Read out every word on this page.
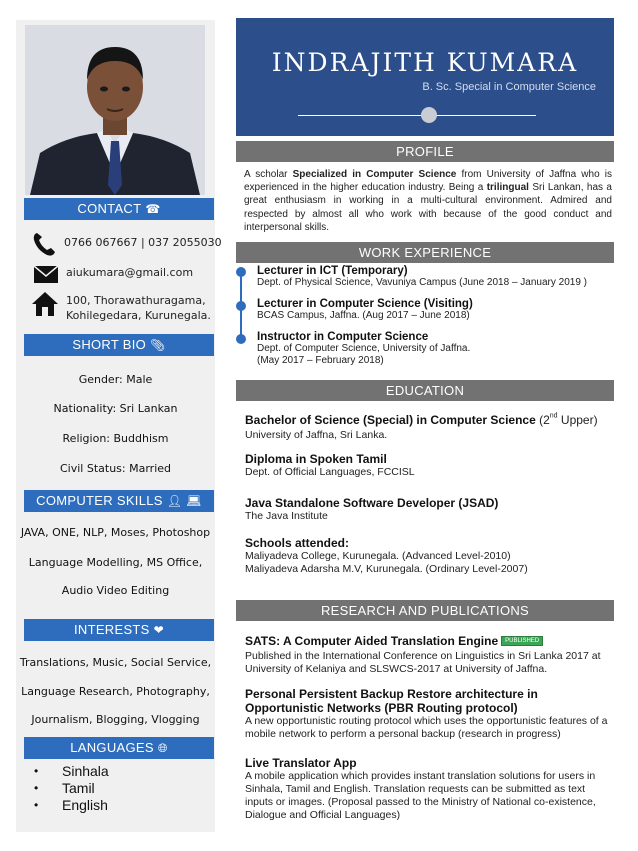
CONTACT ☎
0766 067667 | 037 2055030
aiukumara@gmail.com
100, Thorawathuragama,
Kohilegedara, Kurunegala.
SHORT BIO 📎︎
Gender: Male
Nationality: Sri Lankan
Religion: Buddhism
Civil Status: Married
COMPUTER SKILLS 👤︎ 💻︎
JAVA, ONE, NLP, Moses, Photoshop
Language Modelling, MS Office,
Audio Video Editing
INTERESTS ❤
Translations, Music, Social Service,
Language Research, Photography,
Journalism, Blogging, Vlogging
LANGUAGES 🌐︎
• Sinhala
• Tamil
• English
INDRAJITH KUMARA
B. Sc. Special in Computer Science
PROFILE
A scholar Specialized in Computer Science from University of Jaffna who is experienced in the higher education industry. Being a trilingual Sri Lankan, has a great enthusiasm in working in a multi-cultural environment. Admired and respected by almost all who work with because of the good conduct and interpersonal skills.
WORK EXPERIENCE
Lecturer in ICT (Temporary)
Dept. of Physical Science, Vavuniya Campus (June 2018 – January 2019 )
Lecturer in Computer Science (Visiting)
BCAS Campus, Jaffna. (Aug 2017 – June 2018)
Instructor in Computer Science
Dept. of Computer Science, University of Jaffna.
(May 2017 – February 2018)
EDUCATION
Bachelor of Science (Special) in Computer Science (2nd Upper)
University of Jaffna, Sri Lanka.
Diploma in Spoken Tamil
Dept. of Official Languages, FCCISL
Java Standalone Software Developer (JSAD)
The Java Institute
Schools attended:
Maliyadeva College, Kurunegala. (Advanced Level-2010)
Maliyadeva Adarsha M.V, Kurunegala. (Ordinary Level-2007)
RESEARCH AND PUBLICATIONS
SATS: A Computer Aided Translation Engine PUBLISHED
Published in the International Conference on Linguistics in Sri Lanka 2017 at University of Kelaniya and SLSWCS-2017 at University of Jaffna.
Personal Persistent Backup Restore architecture in Opportunistic Networks (PBR Routing protocol)
A new opportunistic routing protocol which uses the opportunistic features of a mobile network to perform a personal backup (research in progress)
Live Translator App
A mobile application which provides instant translation solutions for users in Sinhala, Tamil and English. Translation requests can be submitted as text inputs or images. (Proposal passed to the Ministry of National co-existence, Dialogue and Official Languages)
